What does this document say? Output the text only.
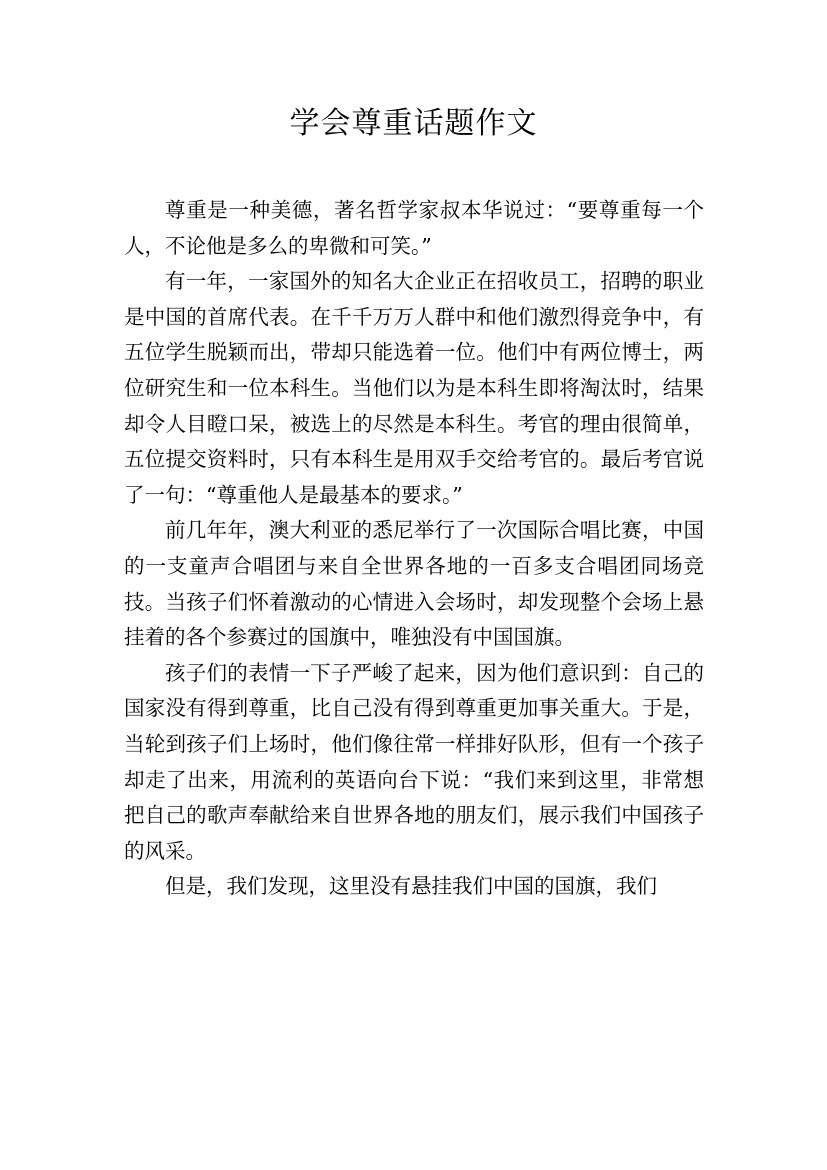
学会尊重话题作文

尊重是一种美德，著名哲学家叔本华说过：“要尊重每一个人，不论他是多么的卑微和可笑。”

有一年，一家国外的知名大企业正在招收员工，招聘的职业是中国的首席代表。在千千万万人群中和他们激烈得竞争中，有五位学生脱颖而出，带却只能选着一位。他们中有两位博士，两位研究生和一位本科生。当他们以为是本科生即将淘汰时，结果却令人目瞪口呆，被选上的尽然是本科生。考官的理由很简单，五位提交资料时，只有本科生是用双手交给考官的。最后考官说了一句：“尊重他人是最基本的要求。”

前几年年，澳大利亚的悉尼举行了一次国际合唱比赛，中国的一支童声合唱团与来自全世界各地的一百多支合唱团同场竞技。当孩子们怀着激动的心情进入会场时，却发现整个会场上悬挂着的各个参赛过的国旗中，唯独没有中国国旗。

孩子们的表情一下子严峻了起来，因为他们意识到：自己的国家没有得到尊重，比自己没有得到尊重更加事关重大。于是，当轮到孩子们上场时，他们像往常一样排好队形，但有一个孩子却走了出来，用流利的英语向台下说：“我们来到这里，非常想把自己的歌声奉献给来自世界各地的朋友们，展示我们中国孩子的风采。

但是，我们发现，这里没有悬挂我们中国的国旗，我们
